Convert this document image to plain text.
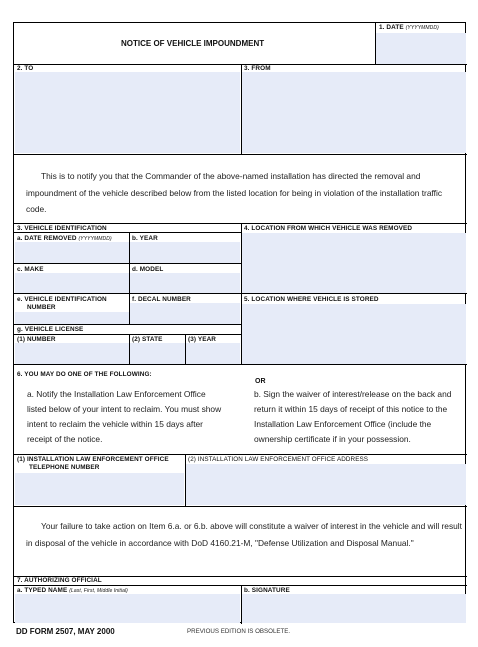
NOTICE OF VEHICLE IMPOUNDMENT
1. DATE (YYYYMMDD)
2. TO	3. FROM
This is to notify you that the Commander of the above-named installation has directed the removal and impoundment of the vehicle described below from the listed location for being in violation of the installation traffic code.
3. VEHICLE IDENTIFICATION	4. LOCATION FROM WHICH VEHICLE WAS REMOVED
a. DATE REMOVED (YYYYMMDD)	b. YEAR
c. MAKE	d. MODEL
e. VEHICLE IDENTIFICATION
NUMBER
f. DECAL NUMBER	5. LOCATION WHERE VEHICLE IS STORED
g. VEHICLE LICENSE
(1) NUMBER	(2) STATE	(3) YEAR
6. YOU MAY DO ONE OF THE FOLLOWING:
a. Notify the Installation Law Enforcement Office listed below of your intent to reclaim. You must show intent to reclaim the vehicle within 15 days after receipt of the notice.
OR
b. Sign the waiver of interest/release on the back and return it within 15 days of receipt of this notice to the Installation Law Enforcement Office (include the ownership certificate if in your possession.
(1) INSTALLATION LAW ENFORCEMENT OFFICE
TELEPHONE NUMBER
(2) INSTALLATION LAW ENFORCEMENT OFFICE ADDRESS
Your failure to take action on Item 6.a. or 6.b. above will constitute a waiver of interest in the vehicle and will result in disposal of the vehicle in accordance with DoD 4160.21-M, "Defense Utilization and Disposal Manual."
7. AUTHORIZING OFFICIAL
a. TYPED NAME (Last, First, Middle Initial)	b. SIGNATURE
DD FORM 2507, MAY 2000	PREVIOUS EDITION IS OBSOLETE.
